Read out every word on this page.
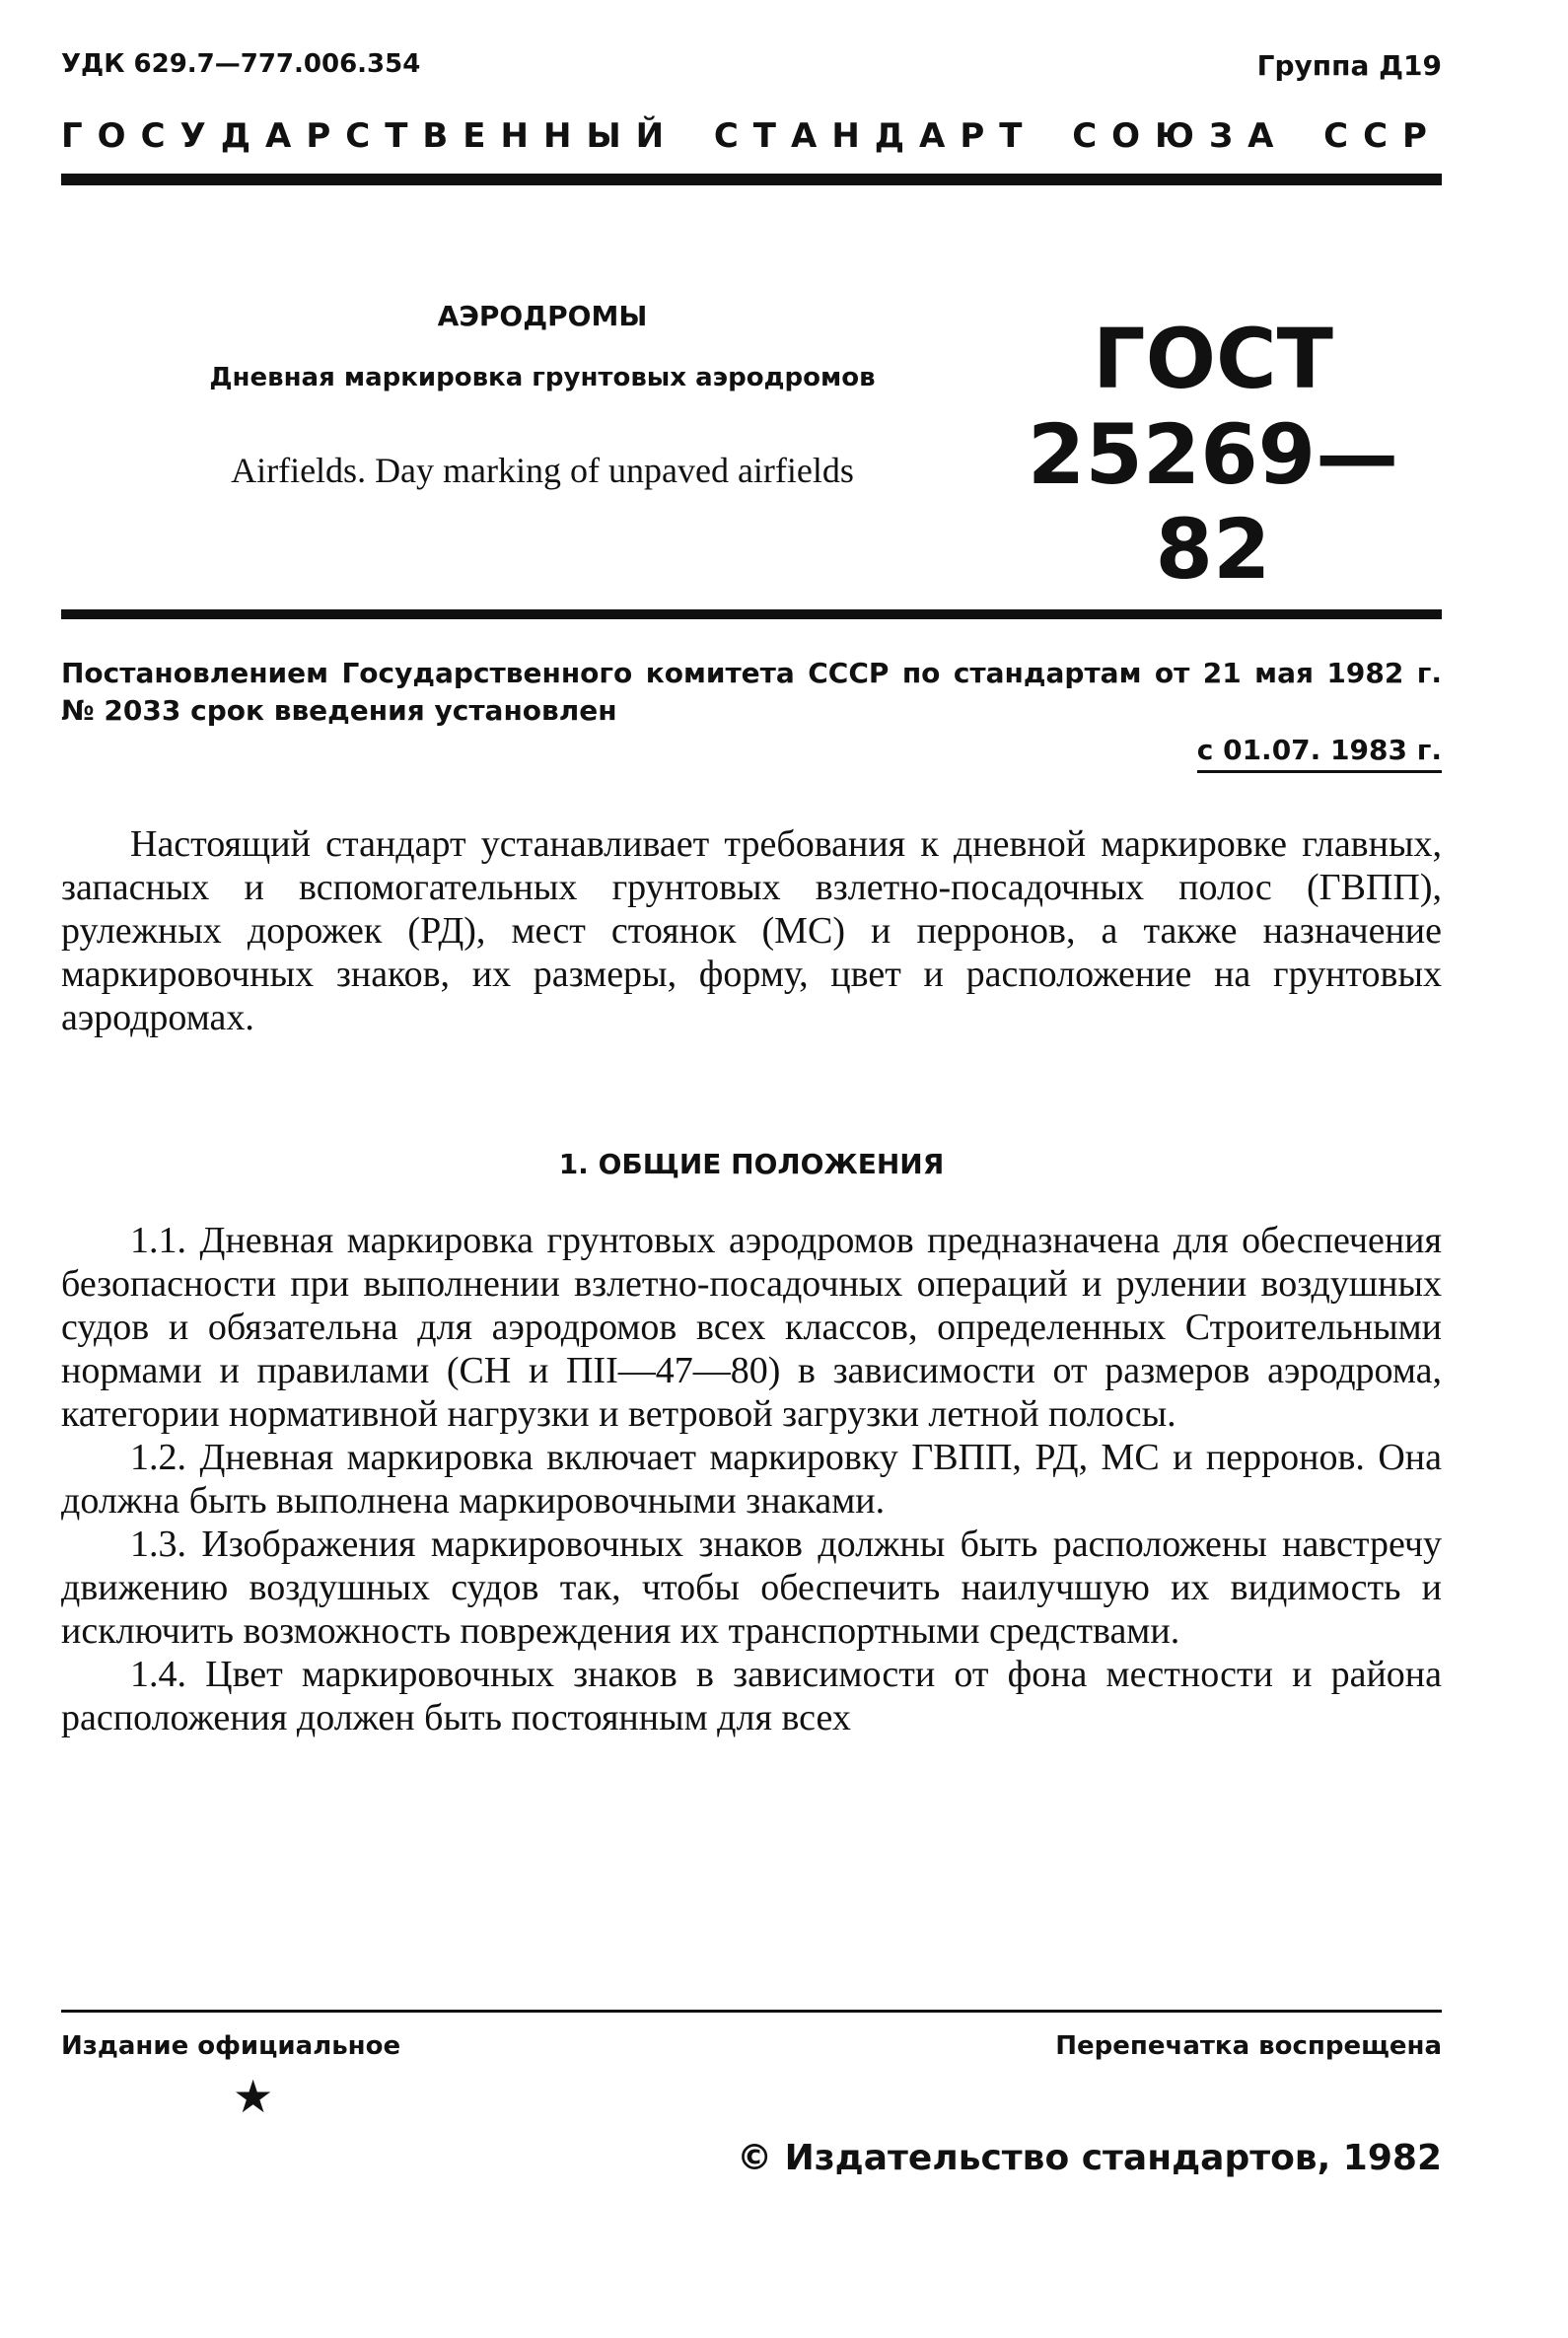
УДК 629.7—777.006.354	Группа Д19
ГОСУДАРСТВЕННЫЙ СТАНДАРТ СОЮЗА ССР
АЭРОДРОМЫ
Дневная маркировка грунтовых аэродромов
Airfields. Day marking of unpaved airfields
ГОСТ
25269—82
Постановлением Государственного комитета СССР по стандартам от 21 мая 1982 г. № 2033 срок введения установлен
с 01.07. 1983 г.
Настоящий стандарт устанавливает требования к дневной маркировке главных, запасных и вспомогательных грунтовых взлетно-посадочных полос (ГВПП), рулежных дорожек (РД), мест стоянок (МС) и перронов, а также назначение маркировочных знаков, их размеры, форму, цвет и расположение на грунтовых аэродромах.
1. ОБЩИЕ ПОЛОЖЕНИЯ

1.1. Дневная маркировка грунтовых аэродромов предназначена для обеспечения безопасности при выполнении взлетно-посадочных операций и рулении воздушных судов и обязательна для аэродромов всех классов, определенных Строительными нормами и правилами (СН и ПII—47—80) в зависимости от размеров аэродрома, категории нормативной нагрузки и ветровой загрузки летной полосы.

1.2. Дневная маркировка включает маркировку ГВПП, РД, МС и перронов. Она должна быть выполнена маркировочными знаками.

1.3. Изображения маркировочных знаков должны быть расположены навстречу движению воздушных судов так, чтобы обеспечить наилучшую их видимость и исключить возможность повреждения их транспортными средствами.

1.4. Цвет маркировочных знаков в зависимости от фона местности и района расположения должен быть постоянным для всех

Издание официальное	Перепечатка воспрещена
★
© Издательство стандартов, 1982
